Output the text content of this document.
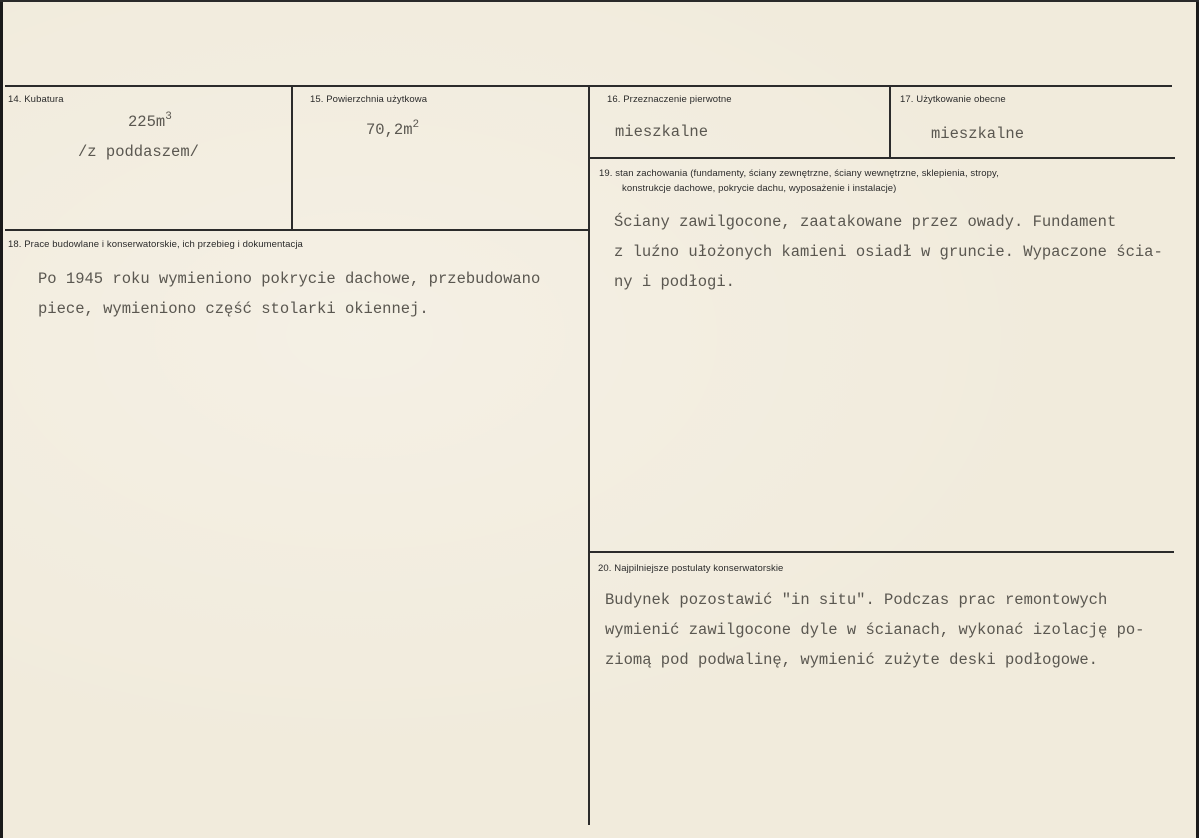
14. Kubatura
$225m^3$
/z poddaszem/
15. Powierzchnia użytkowa
$70,2m^2$
16. Przeznaczenie pierwotne
mieszkalne
17. Użytkowanie obecne
mieszkalne
18. Prace budowlane i konserwatorskie, ich przebieg i dokumentacja
Po 1945 roku wymieniono pokrycie dachowe, przebudowano
piece, wymieniono część stolarki okiennej.
19. stan zachowania (fundamenty, ściany zewnętrzne, ściany wewnętrzne, sklepienia, stropy,
konstrukcje dachowe, pokrycie dachu, wyposażenie i instalacje)
Ściany zawilgocone, zaatakowane przez owady. Fundament
z luźno ułożonych kamieni osiadł w gruncie. Wypaczone ścia-
ny i podłogi.
20. Najpilniejsze postulaty konserwatorskie
Budynek pozostawić "in situ". Podczas prac remontowych
wymienić zawilgocone dyle w ścianach, wykonać izolację po-
ziomą pod podwalinę, wymienić zużyte deski podłogowe.
